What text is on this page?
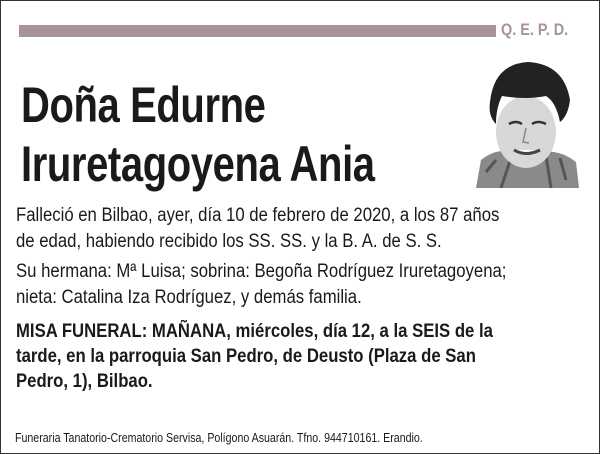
Q. E. P. D.
Doña Edurne
Iruretagoyena Ania
Falleció en Bilbao, ayer, día 10 de febrero de 2020, a los 87 años
de edad, habiendo recibido los SS. SS. y la B. A. de S. S.
Su hermana: Mª Luisa; sobrina: Begoña Rodríguez Iruretagoyena;
nieta: Catalina Iza Rodríguez, y demás familia.
MISA FUNERAL: MAÑANA, miércoles, día 12, a la SEIS de la
tarde, en la parroquia San Pedro, de Deusto (Plaza de San
Pedro, 1), Bilbao.
Funeraria Tanatorio-Crematorio Servisa, Polígono Asuarán. Tfno. 944710161. Erandio.
